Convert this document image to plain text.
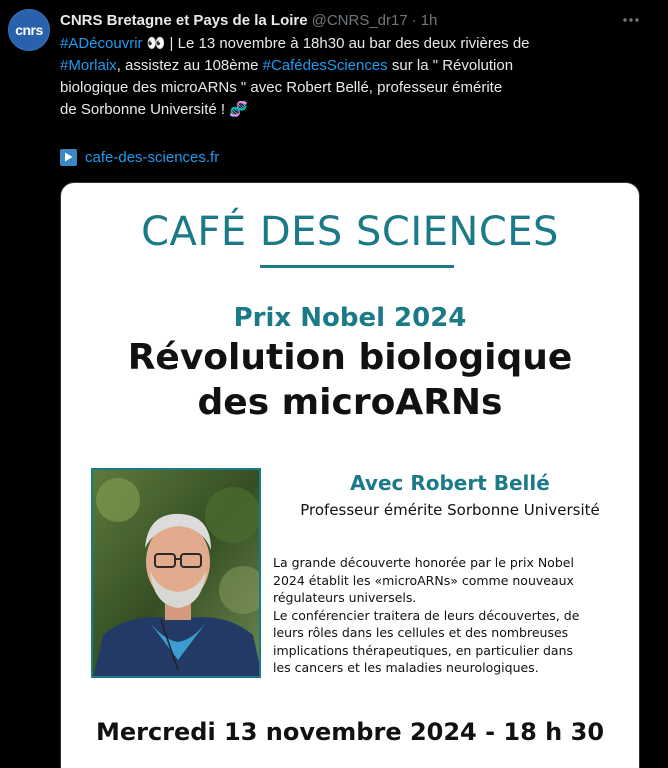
cnrs
CNRS Bretagne et Pays de la Loire @CNRS_dr17 · 1h
#ADécouvrir 👀 | Le 13 novembre à 18h30 au bar des deux rivières de
#Morlaix, assistez au 108ème #CafédesSciences sur la " Révolution
biologique des microARNs " avec Robert Bellé, professeur émérite
de Sorbonne Université ! 🧬
cafe-des-sciences.fr
CAFÉ DES SCIENCES
Prix Nobel 2024
Révolution biologique
des microARNs
Avec Robert Bellé
Professeur émérite Sorbonne Université
La grande découverte honorée par le prix Nobel
2024 établit les «microARNs» comme nouveaux
régulateurs universels.
Le conférencier traitera de leurs découvertes, de
leurs rôles dans les cellules et des nombreuses
implications thérapeutiques, en particulier dans
les cancers et les maladies neurologiques.
Mercredi 13 novembre 2024 - 18 h 30
